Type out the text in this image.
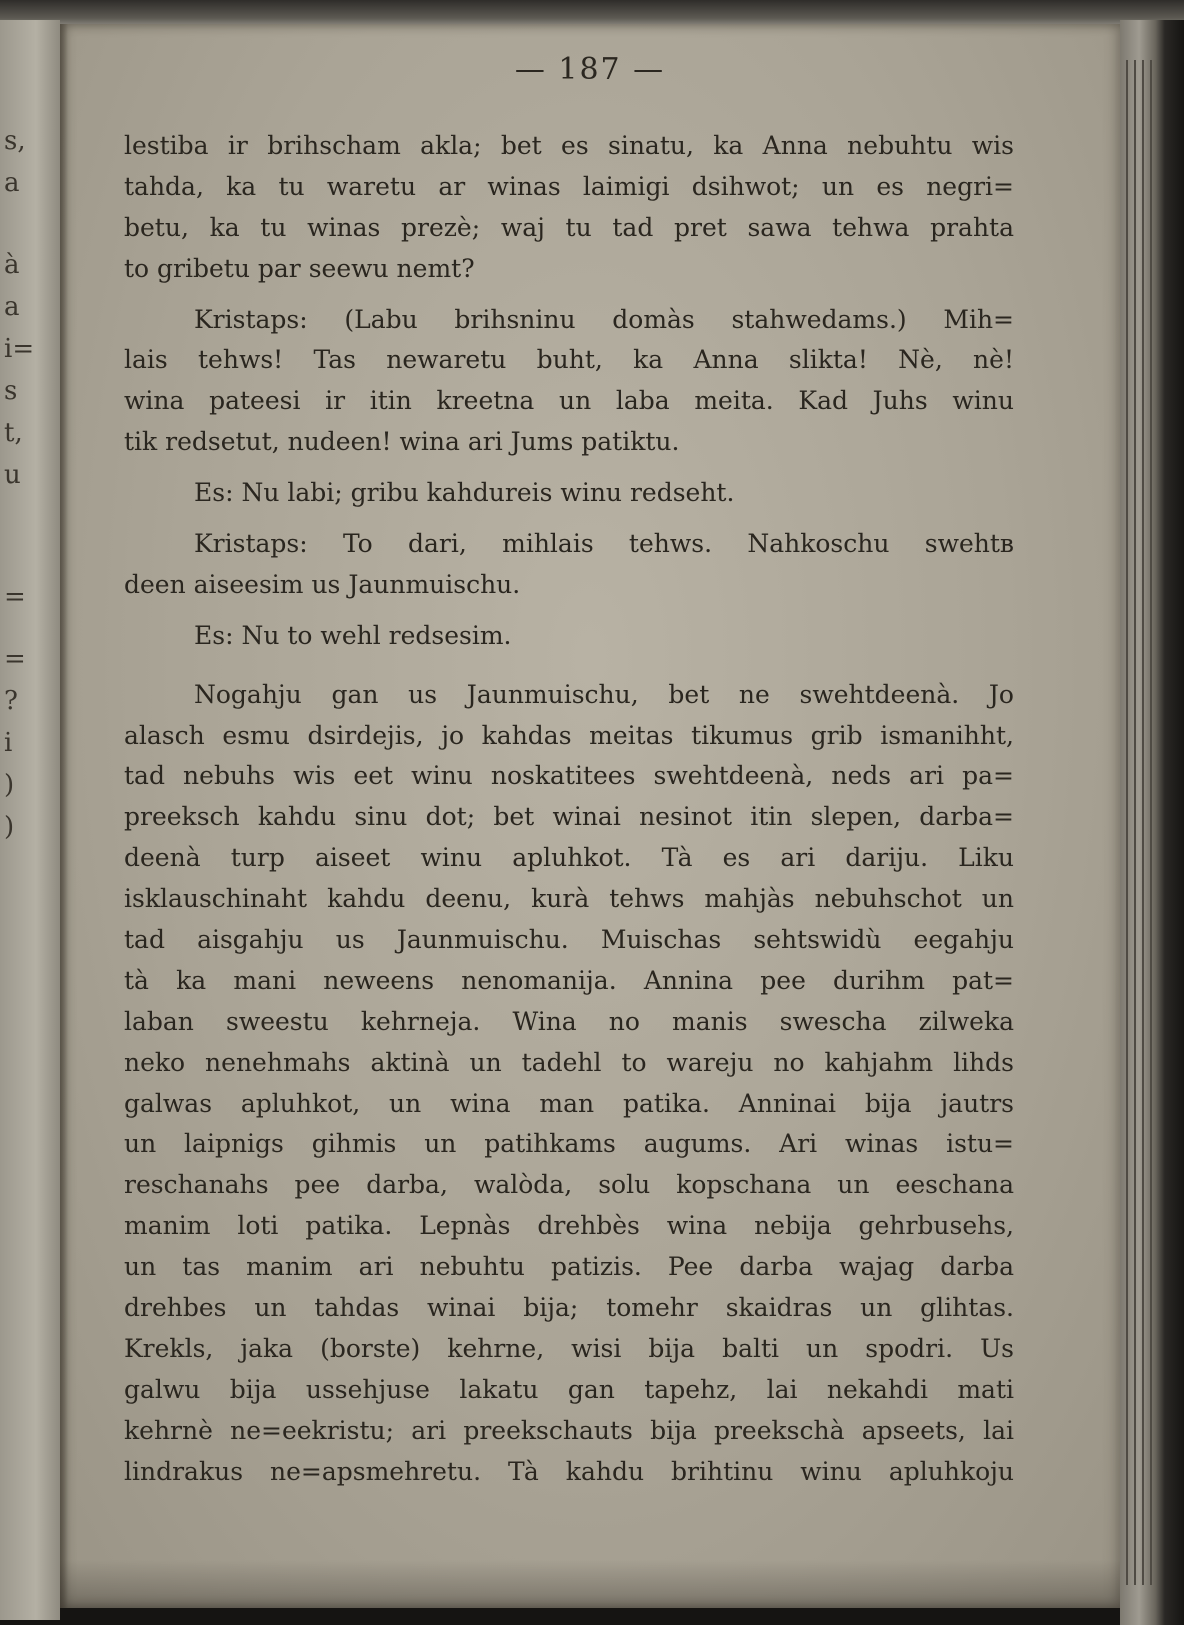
s,
a
à
a
i=
s
t,
u
=
=
?
i
)
)
— 187 —
lestiba ir brihscham akla; bet es sinatu, ka Anna nebuhtu wis
tahda, ka tu waretu ar winas laimigi dsihwot; un es negri=
betu, ka tu winas prezè; waj tu tad pret sawa tehwa prahta
to gribetu par seewu nemt?
Kristaps: (Labu brihsninu domàs stahwedams.) Mih=
lais tehws! Tas newaretu buht, ka Anna slikta! Nè, nè!
wina pateesi ir itin kreetna un laba meita. Kad Juhs winu
tik redsetut, nudeen! wina ari Jums patiktu.
Es: Nu labi; gribu kahdureis winu redseht.
Kristaps: To dari, mihlais tehws. Nahkoschu swehtв
deen aiseesim us Jaunmuischu.
Es: Nu to wehl redsesim.
Nogahju gan us Jaunmuischu, bet ne swehtdeenà. Jo
alasch esmu dsirdejis, jo kahdas meitas tikumus grib ismanihht,
tad nebuhs wis eet winu noskatitees swehtdeenà, neds ari pa=
preeksch kahdu sinu dot; bet winai nesinot itin slepen, darba=
deenà turp aiseet winu apluhkot. Tà es ari dariju. Liku
isklauschinaht kahdu deenu, kurà tehws mahjàs nebuhschot un
tad aisgahju us Jaunmuischu. Muischas sehtswidù eegahju
tà ka mani neweens nenomanija. Annina pee durihm pat=
laban sweestu kehrneja. Wina no manis swescha zilweka
neko nenehmahs aktinà un tadehl to wareju no kahjahm lihds
galwas apluhkot, un wina man patika. Anninai bija jautrs
un laipnigs gihmis un patihkams augums. Ari winas istu=
reschanahs pee darba, walòda, solu kopschana un eeschana
manim loti patika. Lepnàs drehbès wina nebija gehrbusehs,
un tas manim ari nebuhtu patizis. Pee darba wajag darba
drehbes un tahdas winai bija; tomehr skaidras un glihtas.
Krekls, jaka (borste) kehrne, wisi bija balti un spodri. Us
galwu bija ussehjuse lakatu gan tapehz, lai nekahdi mati
kehrnè ne=eekristu; ari preekschauts bija preekschà apseets, lai
lindrakus ne=apsmehretu. Tà kahdu brihtinu winu apluhkoju
